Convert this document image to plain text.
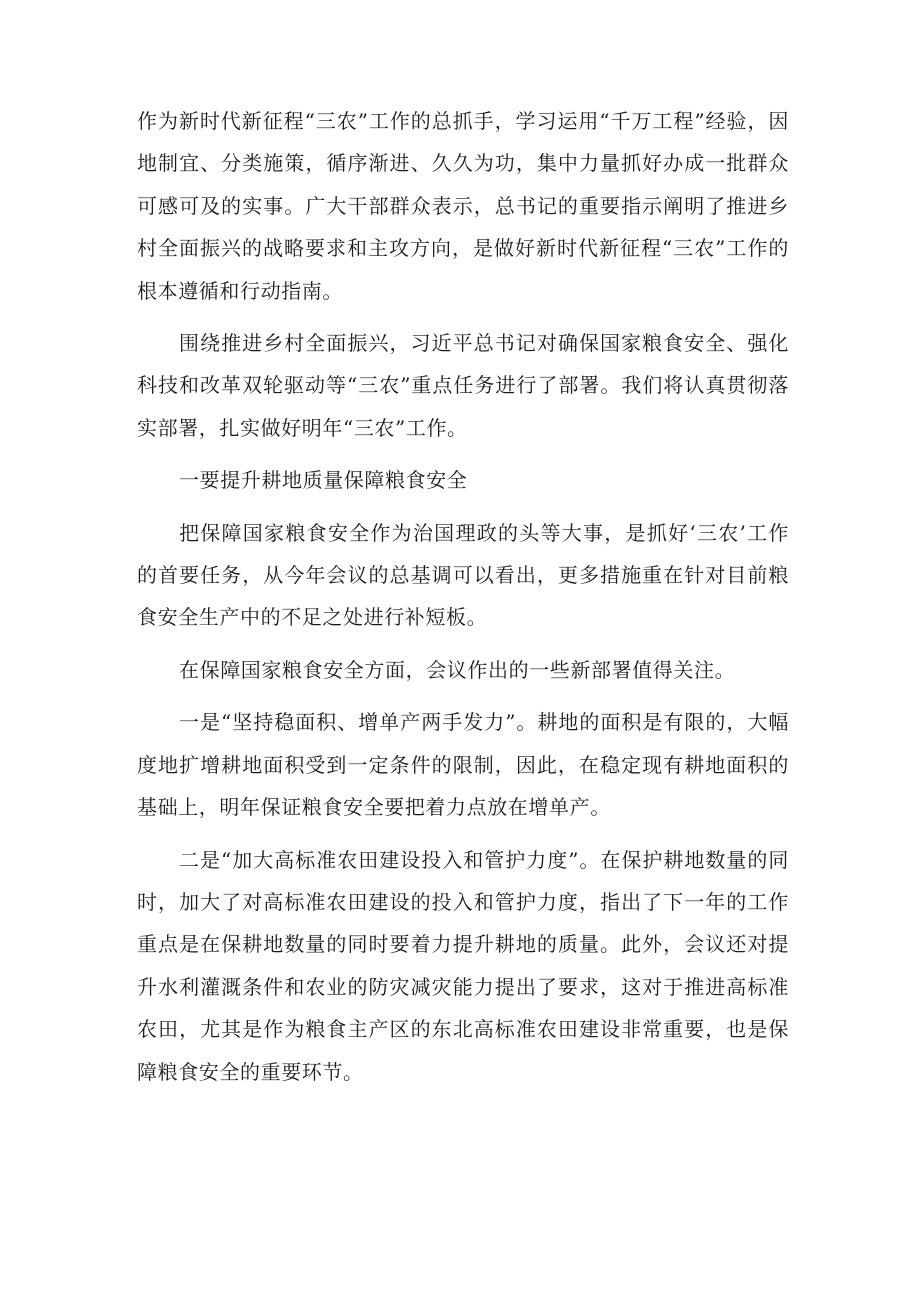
作为新时代新征程“三农”工作的总抓手，学习运用“千万工程”经验，因地制宜、分类施策，循序渐进、久久为功，集中力量抓好办成一批群众可感可及的实事。广大干部群众表示，总书记的重要指示阐明了推进乡村全面振兴的战略要求和主攻方向，是做好新时代新征程“三农”工作的根本遵循和行动指南。

围绕推进乡村全面振兴，习近平总书记对确保国家粮食安全、强化科技和改革双轮驱动等“三农”重点任务进行了部署。我们将认真贯彻落实部署，扎实做好明年“三农”工作。

一要提升耕地质量保障粮食安全

把保障国家粮食安全作为治国理政的头等大事，是抓好‘三农’工作的首要任务，从今年会议的总基调可以看出，更多措施重在针对目前粮食安全生产中的不足之处进行补短板。

在保障国家粮食安全方面，会议作出的一些新部署值得关注。

一是“坚持稳面积、增单产两手发力”。耕地的面积是有限的，大幅度地扩增耕地面积受到一定条件的限制，因此，在稳定现有耕地面积的基础上，明年保证粮食安全要把着力点放在增单产。

二是“加大高标准农田建设投入和管护力度”。在保护耕地数量的同时，加大了对高标准农田建设的投入和管护力度，指出了下一年的工作重点是在保耕地数量的同时要着力提升耕地的质量。此外，会议还对提升水利灌溉条件和农业的防灾减灾能力提出了要求，这对于推进高标准农田，尤其是作为粮食主产区的东北高标准农田建设非常重要，也是保障粮食安全的重要环节。
